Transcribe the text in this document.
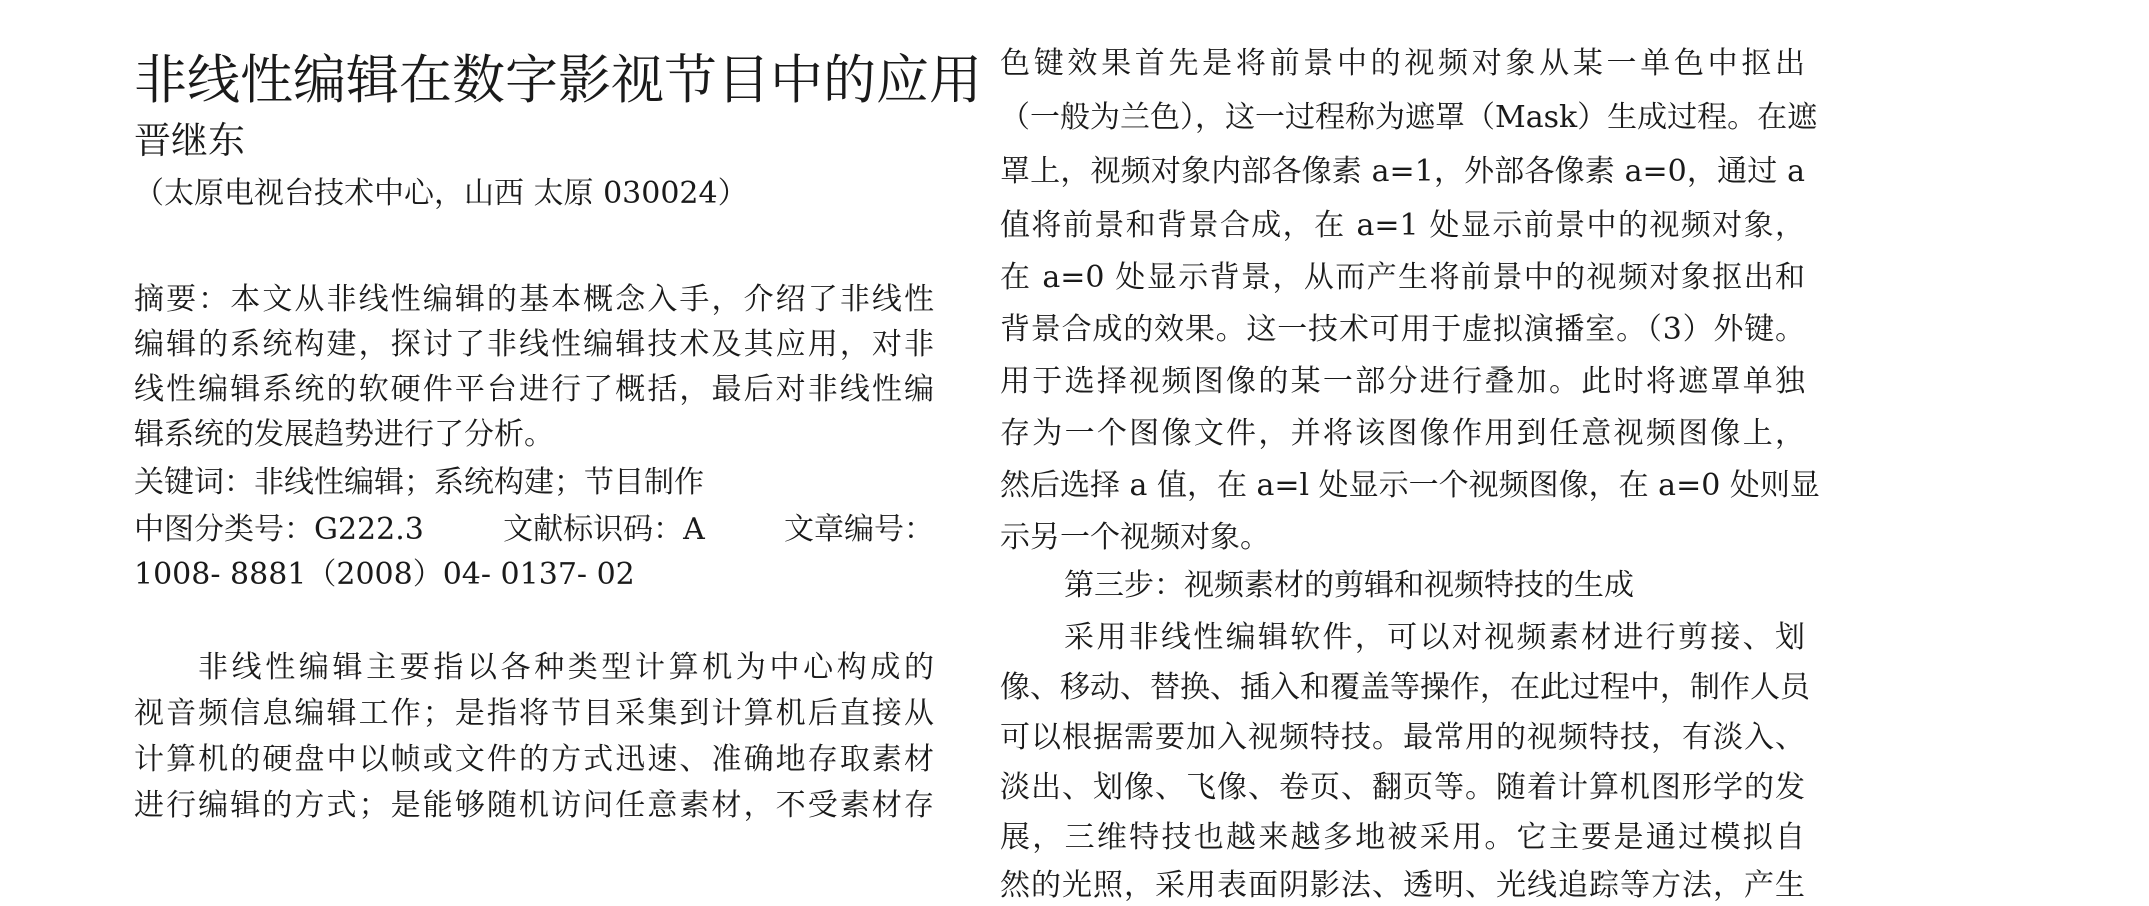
非线性编辑在数字影视节目中的应用
晋继东
（太原电视台技术中心，山西 太原 030024）
摘要：本文从非线性编辑的基本概念入手，介绍了非线性
编辑的系统构建，探讨了非线性编辑技术及其应用，对非
线性编辑系统的软硬件平台进行了概括，最后对非线性编
辑系统的发展趋势进行了分析。
关键词：非线性编辑；系统构建；节目制作
中图分类号：G222.3	文献标识码：A	文章编号：
1008- 8881（2008）04- 0137- 02
非线性编辑主要指以各种类型计算机为中心构成的
视音频信息编辑工作；是指将节目采集到计算机后直接从
计算机的硬盘中以帧或文件的方式迅速、准确地存取素材
进行编辑的方式；是能够随机访问任意素材，不受素材存
色键效果首先是将前景中的视频对象从某一单色中抠出
（一般为兰色），这一过程称为遮罩（Mask）生成过程。在遮
罩上，视频对象内部各像素 a=1，外部各像素 a=0，通过 a
值将前景和背景合成，在 a=1 处显示前景中的视频对象，
在 a=0 处显示背景，从而产生将前景中的视频对象抠出和
背景合成的效果。这一技术可用于虚拟演播室。（3）外键。
用于选择视频图像的某一部分进行叠加。此时将遮罩单独
存为一个图像文件，并将该图像作用到任意视频图像上，
然后选择 a 值，在 a=l 处显示一个视频图像，在 a=0 处则显
示另一个视频对象。
第三步：视频素材的剪辑和视频特技的生成
采用非线性编辑软件，可以对视频素材进行剪接、划
像、移动、替换、插入和覆盖等操作，在此过程中，制作人员
可以根据需要加入视频特技。最常用的视频特技，有淡入、
淡出、划像、飞像、卷页、翻页等。随着计算机图形学的发
展，三维特技也越来越多地被采用。它主要是通过模拟自
然的光照，采用表面阴影法、透明、光线追踪等方法，产生
